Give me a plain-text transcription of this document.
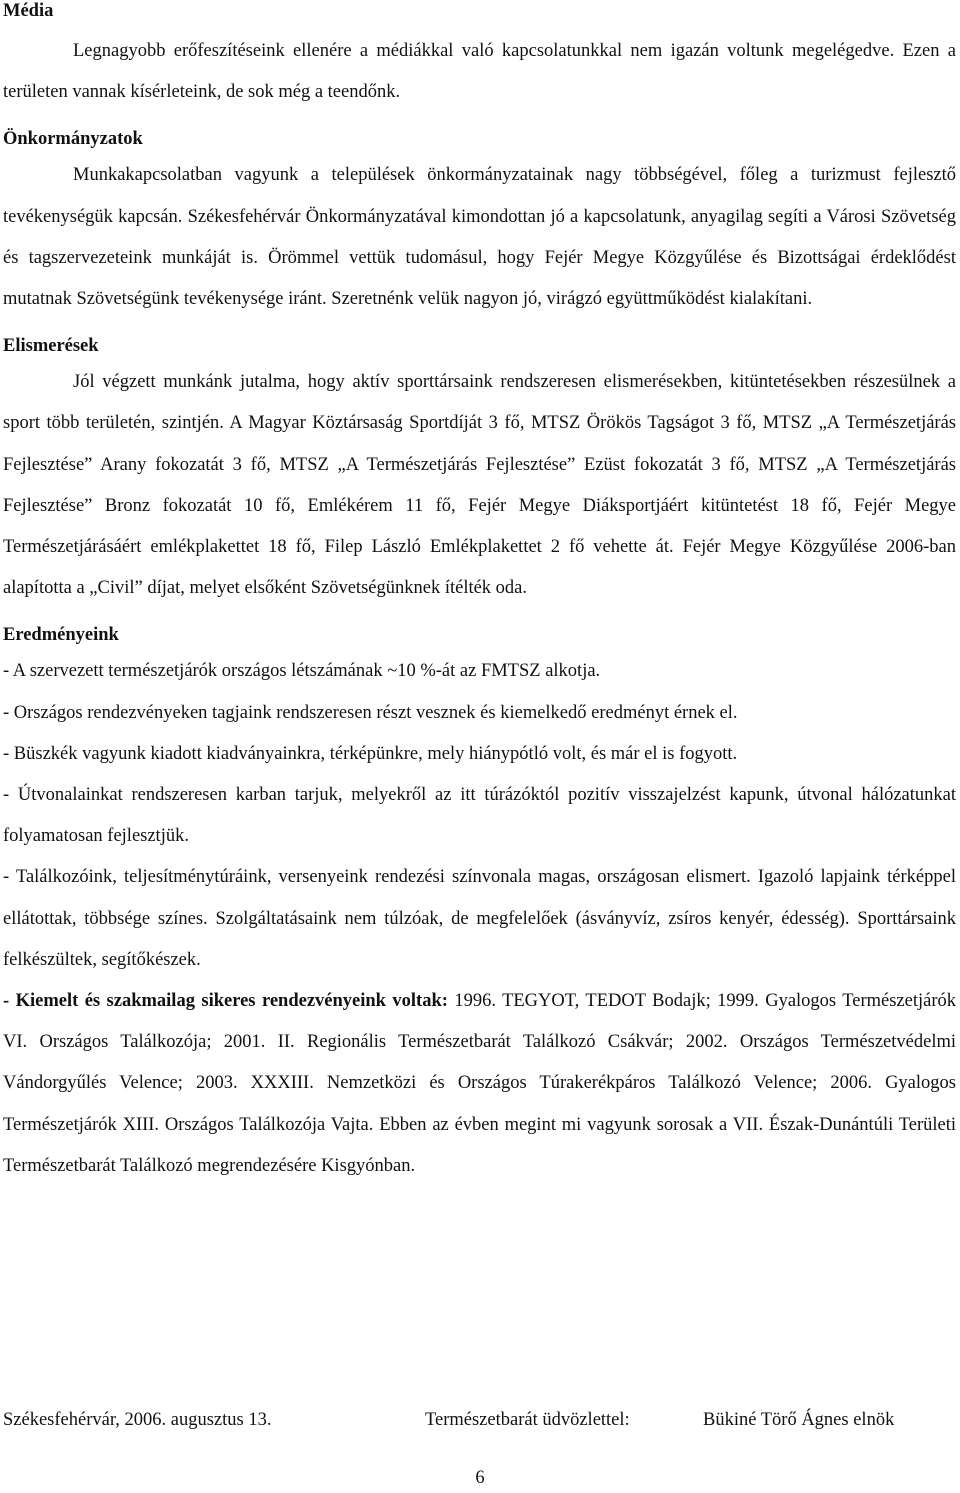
Média

Legnagyobb erőfeszítéseink ellenére a médiákkal való kapcsolatunkkal nem igazán voltunk megelégedve. Ezen a területen vannak kísérleteink, de sok még a teendőnk.

Önkormányzatok

Munkakapcsolatban vagyunk a települések önkormányzatainak nagy többségével, főleg a turizmust fejlesztő tevékenységük kapcsán. Székesfehérvár Önkormányzatával kimondottan jó a kapcsolatunk, anyagilag segíti a Városi Szövetség és tagszervezeteink munkáját is. Örömmel vettük tudomásul, hogy Fejér Megye Közgyűlése és Bizottságai érdeklődést mutatnak Szövetségünk tevékenysége iránt. Szeretnénk velük nagyon jó, virágzó együttműködést kialakítani.

Elismerések

Jól végzett munkánk jutalma, hogy aktív sporttársaink rendszeresen elismerésekben, kitüntetésekben részesülnek a sport több területén, szintjén. A Magyar Köztársaság Sportdíját 3 fő, MTSZ Örökös Tagságot 3 fő, MTSZ „A Természetjárás Fejlesztése” Arany fokozatát 3 fő, MTSZ „A Természetjárás Fejlesztése” Ezüst fokozatát 3 fő, MTSZ „A Természetjárás Fejlesztése” Bronz fokozatát 10 fő, Emlékérem 11 fő, Fejér Megye Diáksportjáért kitüntetést 18 fő, Fejér Megye Természetjárásáért emlékplakettet 18 fő, Filep László Emlékplakettet 2 fő vehette át. Fejér Megye Közgyűlése 2006-ban alapította a „Civil” díjat, melyet elsőként Szövetségünknek ítélték oda.

Eredményeink

- A szervezett természetjárók országos létszámának ~10 %-át az FMTSZ alkotja.

- Országos rendezvényeken tagjaink rendszeresen részt vesznek és kiemelkedő eredményt érnek el.

- Büszkék vagyunk kiadott kiadványainkra, térképünkre, mely hiánypótló volt, és már el is fogyott.

- Útvonalainkat rendszeresen karban tarjuk, melyekről az itt túrázóktól pozitív visszajelzést kapunk, útvonal hálózatunkat folyamatosan fejlesztjük.

- Találkozóink, teljesítménytúráink, versenyeink rendezési színvonala magas, országosan elismert. Igazoló lapjaink térképpel ellátottak, többsége színes. Szolgáltatásaink nem túlzóak, de megfelelőek (ásványvíz, zsíros kenyér, édesség). Sporttársaink felkészültek, segítőkészek.

- Kiemelt és szakmailag sikeres rendezvényeink voltak: 1996. TEGYOT, TEDOT Bodajk; 1999. Gyalogos Természetjárók VI. Országos Találkozója; 2001. II. Regionális Természetbarát Találkozó Csákvár; 2002. Országos Természetvédelmi Vándorgyűlés Velence; 2003. XXXIII. Nemzetközi és Országos Túrakerékpáros Találkozó Velence; 2006. Gyalogos Természetjárók XIII. Országos Találkozója Vajta. Ebben az évben megint mi vagyunk sorosak a VII. Észak-Dunántúli Területi Természetbarát Találkozó megrendezésére Kisgyónban.

Székesfehérvár, 2006. augusztus 13.	Természetbarát üdvözlettel:	Bükiné Törő Ágnes elnök
6
